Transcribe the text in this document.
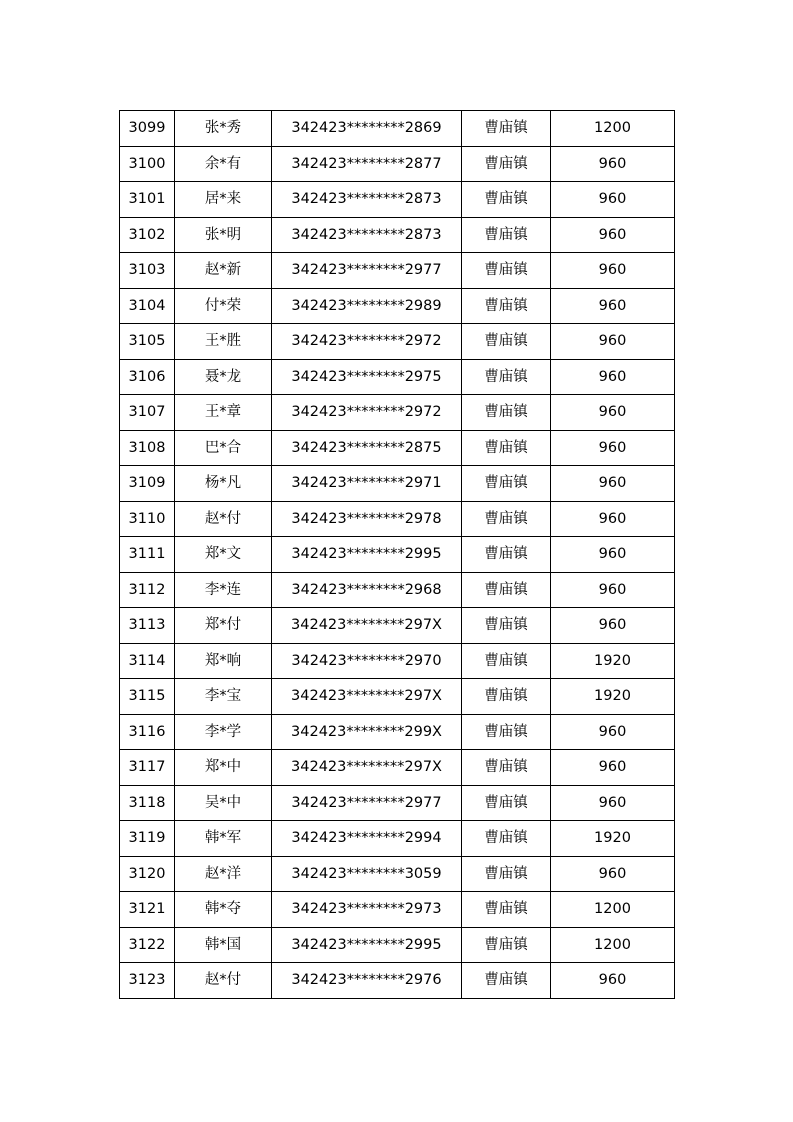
3099	张*秀	342423********2869	曹庙镇	1200
3100	余*有	342423********2877	曹庙镇	960
3101	居*来	342423********2873	曹庙镇	960
3102	张*明	342423********2873	曹庙镇	960
3103	赵*新	342423********2977	曹庙镇	960
3104	付*荣	342423********2989	曹庙镇	960
3105	王*胜	342423********2972	曹庙镇	960
3106	聂*龙	342423********2975	曹庙镇	960
3107	王*章	342423********2972	曹庙镇	960
3108	巴*合	342423********2875	曹庙镇	960
3109	杨*凡	342423********2971	曹庙镇	960
3110	赵*付	342423********2978	曹庙镇	960
3111	郑*文	342423********2995	曹庙镇	960
3112	李*连	342423********2968	曹庙镇	960
3113	郑*付	342423********297X	曹庙镇	960
3114	郑*响	342423********2970	曹庙镇	1920
3115	李*宝	342423********297X	曹庙镇	1920
3116	李*学	342423********299X	曹庙镇	960
3117	郑*中	342423********297X	曹庙镇	960
3118	吴*中	342423********2977	曹庙镇	960
3119	韩*军	342423********2994	曹庙镇	1920
3120	赵*洋	342423********3059	曹庙镇	960
3121	韩*夺	342423********2973	曹庙镇	1200
3122	韩*国	342423********2995	曹庙镇	1200
3123	赵*付	342423********2976	曹庙镇	960
